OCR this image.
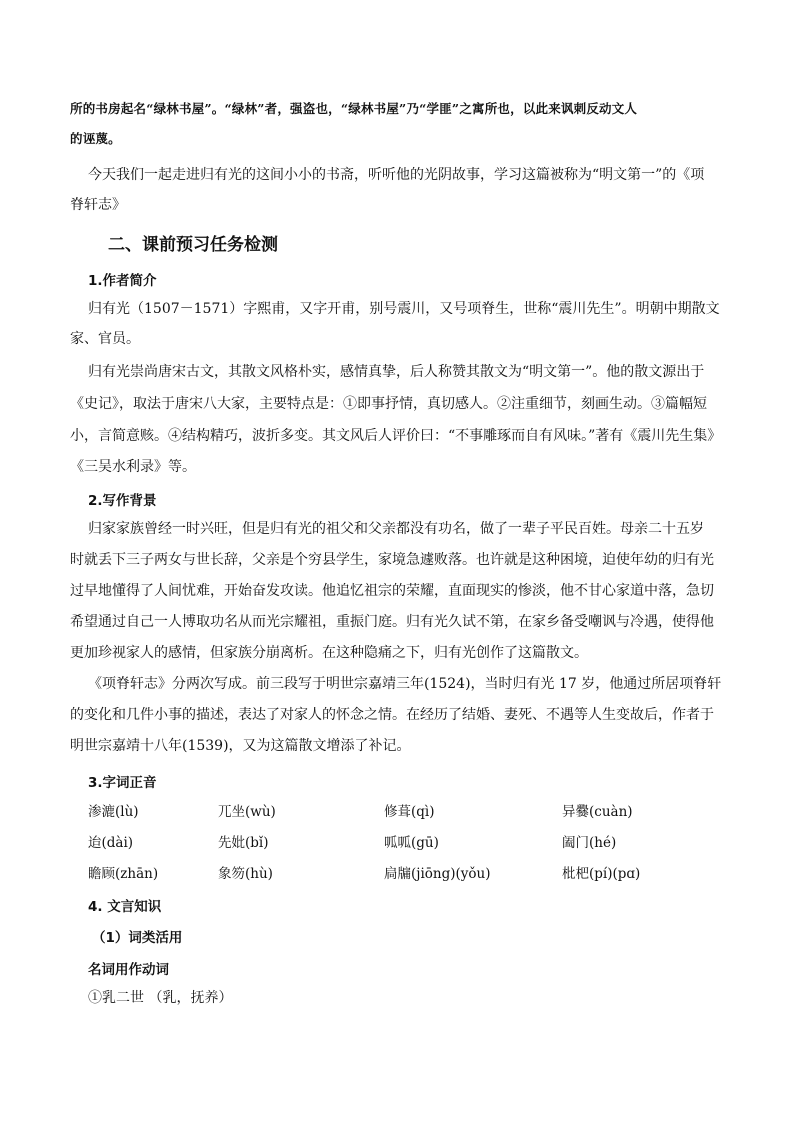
所的书房起名“绿林书屋”。“绿林”者，强盗也，“绿林书屋”乃“学匪”之寓所也，以此来讽刺反动文人
的诬蔑。
今天我们一起走进归有光的这间小小的书斋，听听他的光阴故事，学习这篇被称为“明文第一”的《项
脊轩志》
二、课前预习任务检测
1.作者简介
归有光（1507－1571）字熙甫，又字开甫，别号震川，又号项脊生，世称“震川先生”。明朝中期散文
家、官员。
归有光崇尚唐宋古文，其散文风格朴实，感情真挚，后人称赞其散文为“明文第一”。他的散文源出于
《史记》，取法于唐宋八大家，主要特点是：①即事抒情，真切感人。②注重细节，刻画生动。③篇幅短
小，言简意赅。④结构精巧，波折多变。其文风后人评价曰：“不事雕琢而自有风味。”著有《震川先生集》
《三吴水利录》等。
2.写作背景
归家家族曾经一时兴旺，但是归有光的祖父和父亲都没有功名，做了一辈子平民百姓。母亲二十五岁
时就丢下三子两女与世长辞，父亲是个穷县学生，家境急遽败落。也许就是这种困境，迫使年幼的归有光
过早地懂得了人间忧难，开始奋发攻读。他追忆祖宗的荣耀，直面现实的惨淡，他不甘心家道中落，急切
希望通过自己一人博取功名从而光宗耀祖，重振门庭。归有光久试不第，在家乡备受嘲讽与冷遇，使得他
更加珍视家人的感情，但家族分崩离析。在这种隐痛之下，归有光创作了这篇散文。
《项脊轩志》分两次写成。前三段写于明世宗嘉靖三年(1524)，当时归有光 17 岁，他通过所居项脊轩
的变化和几件小事的描述，表达了对家人的怀念之情。在经历了结婚、妻死、不遇等人生变故后，作者于
明世宗嘉靖十八年(1539)，又为这篇散文增添了补记。
3.字词正音
渗漉(lù)	兀坐(wù)	修葺(qì)	异爨(cuàn)
迨(dài)	先妣(bǐ)	呱呱(gū)	阖门(hé)
瞻顾(zhān)	象笏(hù)	扃牖(jiōng)(yǒu)	枇杷(pí)(pɑ)
4. 文言知识
（1）词类活用
名词用作动词
①乳二世 （乳，抚养）
